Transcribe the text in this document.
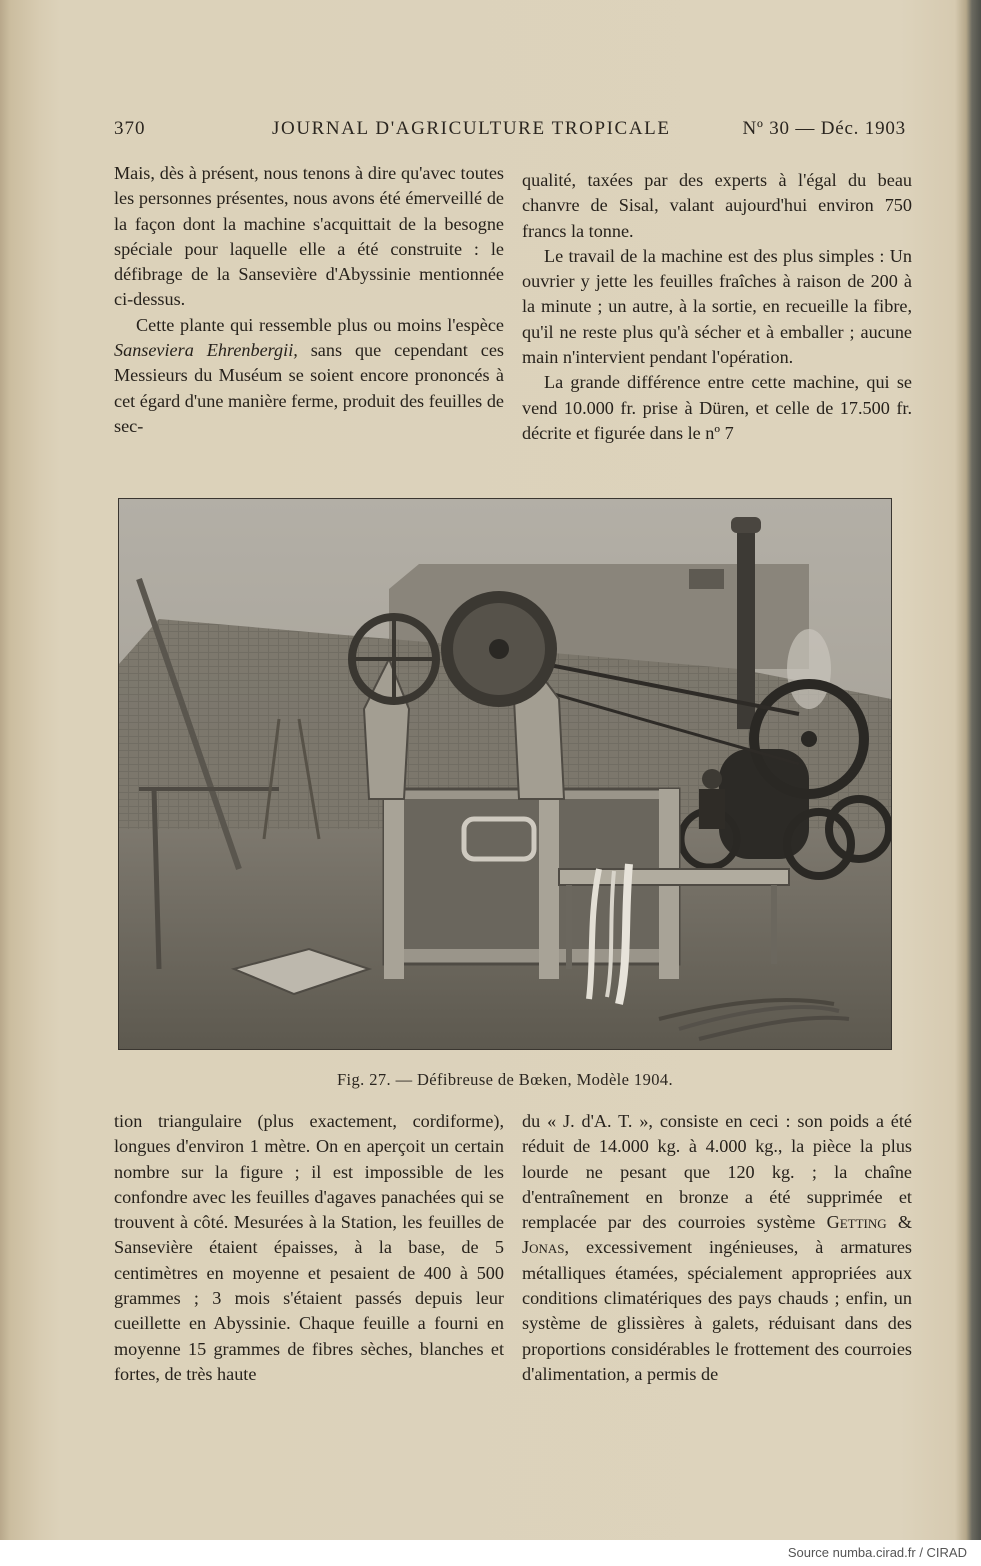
370	JOURNAL D'AGRICULTURE TROPICALE	Nº 30 — Déc. 1903

Mais, dès à présent, nous tenons à dire qu'avec toutes les personnes présentes, nous avons été émerveillé de la façon dont la machine s'acquittait de la besogne spéciale pour laquelle elle a été construite : le défibrage de la Sansevière d'Abyssinie mentionnée ci-dessus.

Cette plante qui ressemble plus ou moins l'espèce Sanseviera Ehrenbergii, sans que cependant ces Messieurs du Muséum se soient encore prononcés à cet égard d'une manière ferme, produit des feuilles de sec-

qualité, taxées par des experts à l'égal du beau chanvre de Sisal, valant aujourd'hui environ 750 francs la tonne.

Le travail de la machine est des plus simples : Un ouvrier y jette les feuilles fraîches à raison de 200 à la minute ; un autre, à la sortie, en recueille la fibre, qu'il ne reste plus qu'à sécher et à emballer ; aucune main n'intervient pendant l'opération.

La grande différence entre cette machine, qui se vend 10.000 fr. prise à Düren, et celle de 17.500 fr. décrite et figurée dans le nº 7

Fig. 27. — Défibreuse de Bœken, Modèle 1904.

tion triangulaire (plus exactement, cordiforme), longues d'environ 1 mètre. On en aperçoit un certain nombre sur la figure ; il est impossible de les confondre avec les feuilles d'agaves panachées qui se trouvent à côté. Mesurées à la Station, les feuilles de Sansevière étaient épaisses, à la base, de 5 centimètres en moyenne et pesaient de 400 à 500 grammes ; 3 mois s'étaient passés depuis leur cueillette en Abyssinie. Chaque feuille a fourni en moyenne 15 grammes de fibres sèches, blanches et fortes, de très haute

du « J. d'A. T. », consiste en ceci : son poids a été réduit de 14.000 kg. à 4.000 kg., la pièce la plus lourde ne pesant que 120 kg. ; la chaîne d'entraînement en bronze a été supprimée et remplacée par des courroies système Getting & Jonas, excessivement ingénieuses, à armatures métalliques étamées, spécialement appropriées aux conditions climatériques des pays chauds ; enfin, un système de glissières à galets, réduisant dans des proportions considérables le frottement des courroies d'alimentation, a permis de

Source numba.cirad.fr / CIRAD
